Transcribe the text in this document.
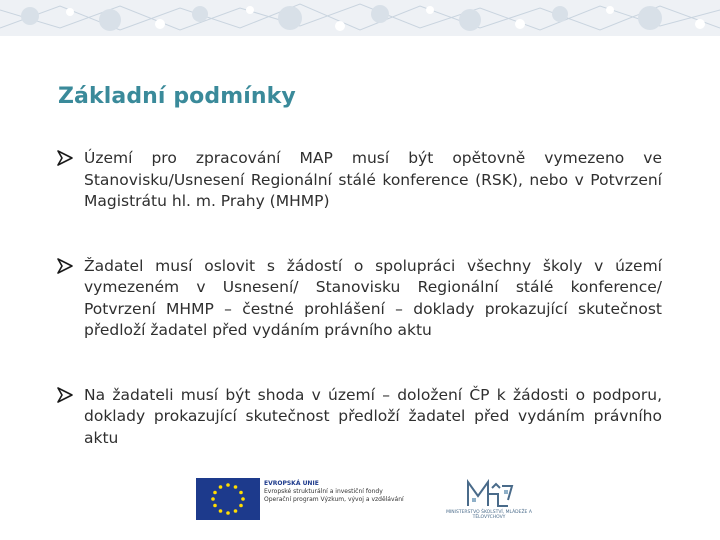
Základní podmínky
Území pro zpracování MAP musí být opětovně vymezeno ve Stanovisku/Usnesení Regionální stálé konference (RSK), nebo v Potvrzení Magistrátu hl. m. Prahy (MHMP)
Žadatel musí oslovit s žádostí o spolupráci všechny školy v území vymezeném v Usnesení/ Stanovisku Regionální stálé konference/ Potvrzení MHMP – čestné prohlášení – doklady prokazující skutečnost předloží žadatel před vydáním právního aktu
Na žadateli musí být shoda v území – doložení ČP k žádosti o podporu, doklady prokazující skutečnost předloží žadatel před vydáním právního aktu
EVROPSKÁ UNIE
Evropské strukturální a investiční fondy
Operační program Výzkum, vývoj a vzdělávání
MINISTERSTVO ŠKOLSTVÍ, MLÁDEŽE A TĚLOVÝCHOVY
